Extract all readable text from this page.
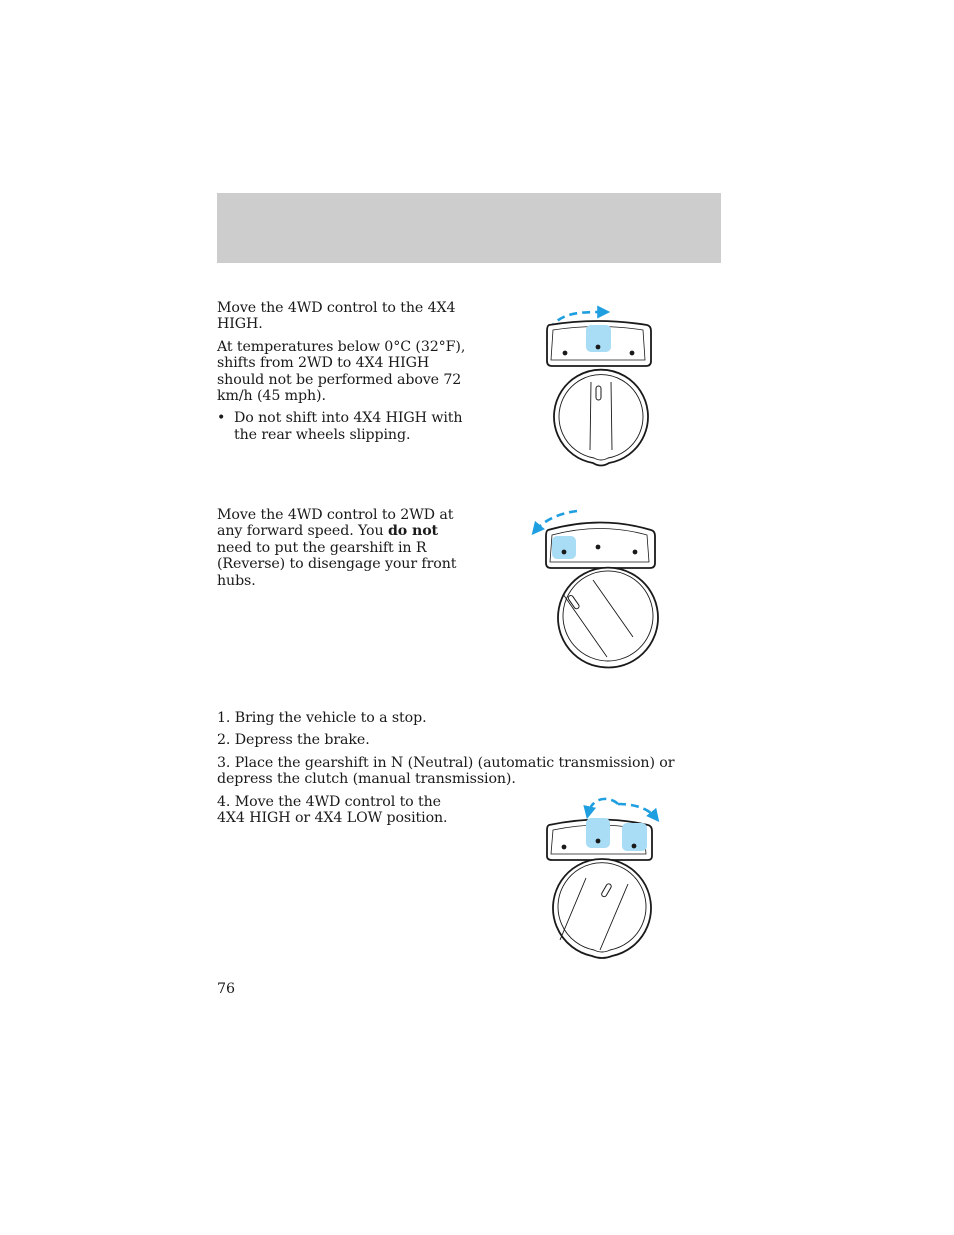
Move the 4WD control to the 4X4 HIGH.

At temperatures below 0°C (32°F), shifts from 2WD to 4X4 HIGH should not be performed above 72 km/h (45 mph).

• Do not shift into 4X4 HIGH with the rear wheels slipping.

Move the 4WD control to 2WD at any forward speed. You do not need to put the gearshift in R (Reverse) to disengage your front hubs.

1. Bring the vehicle to a stop.

2. Depress the brake.

3. Place the gearshift in N (Neutral) (automatic transmission) or depress the clutch (manual transmission).

4. Move the 4WD control to the 4X4 HIGH or 4X4 LOW position.

76
